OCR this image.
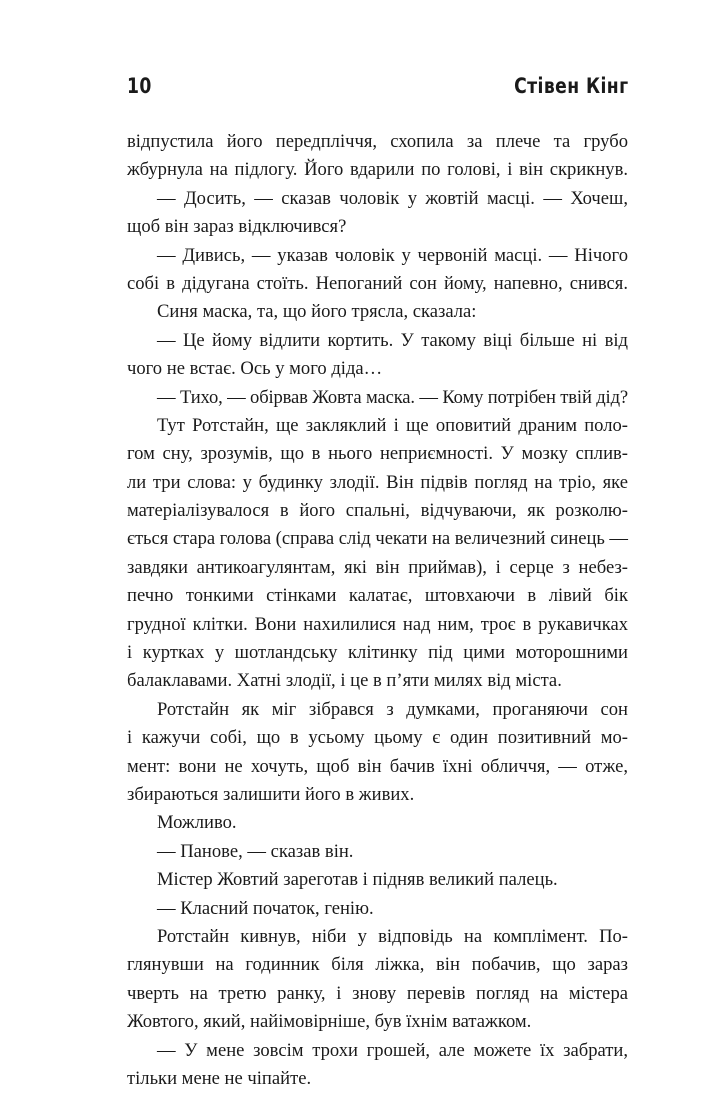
10	Стівен Кінг
відпустила його передпліччя, схопила за плече та грубо
жбурнула на підлогу. Його вдарили по голові, і він скрикнув.
— Досить, — сказав чоловік у жовтій масці. — Хочеш,
щоб він зараз відключився?
— Дивись, — указав чоловік у червоній масці. — Нічого
собі в дідугана стоїть. Непоганий сон йому, напевно, снився.
Синя маска, та, що його трясла, сказала:
— Це йому відлити кортить. У такому віці більше ні від
чого не встає. Ось у мого діда…
— Тихо, — обірвав Жовта маска. — Кому потрібен твій дід?
Тут Ротстайн, ще закляклий і ще оповитий драним поло-
гом сну, зрозумів, що в нього неприємності. У мозку сплив-
ли три слова: у будинку злодії. Він підвів погляд на тріо, яке
матеріалізувалося в його спальні, відчуваючи, як розколю-
ється стара голова (справа слід чекати на величезний синець —
завдяки антикоагулянтам, які він приймав), і серце з небез-
печно тонкими стінками калатає, штовхаючи в лівий бік
грудної клітки. Вони нахилилися над ним, троє в рукавичках
і куртках у шотландську клітинку під цими моторошними
балаклавами. Хатні злодії, і це в п’яти милях від міста.
Ротстайн як міг зібрався з думками, проганяючи сон
і кажучи собі, що в усьому цьому є один позитивний мо-
мент: вони не хочуть, щоб він бачив їхні обличчя, — отже,
збираються залишити його в живих.
Можливо.
— Панове, — сказав він.
Містер Жовтий зареготав і підняв великий палець.
— Класний початок, генію.
Ротстайн кивнув, ніби у відповідь на комплімент. По-
глянувши на годинник біля ліжка, він побачив, що зараз
чверть на третю ранку, і знову перевів погляд на містера
Жовтого, який, найімовірніше, був їхнім ватажком.
— У мене зовсім трохи грошей, але можете їх забрати,
тільки мене не чіпайте.
